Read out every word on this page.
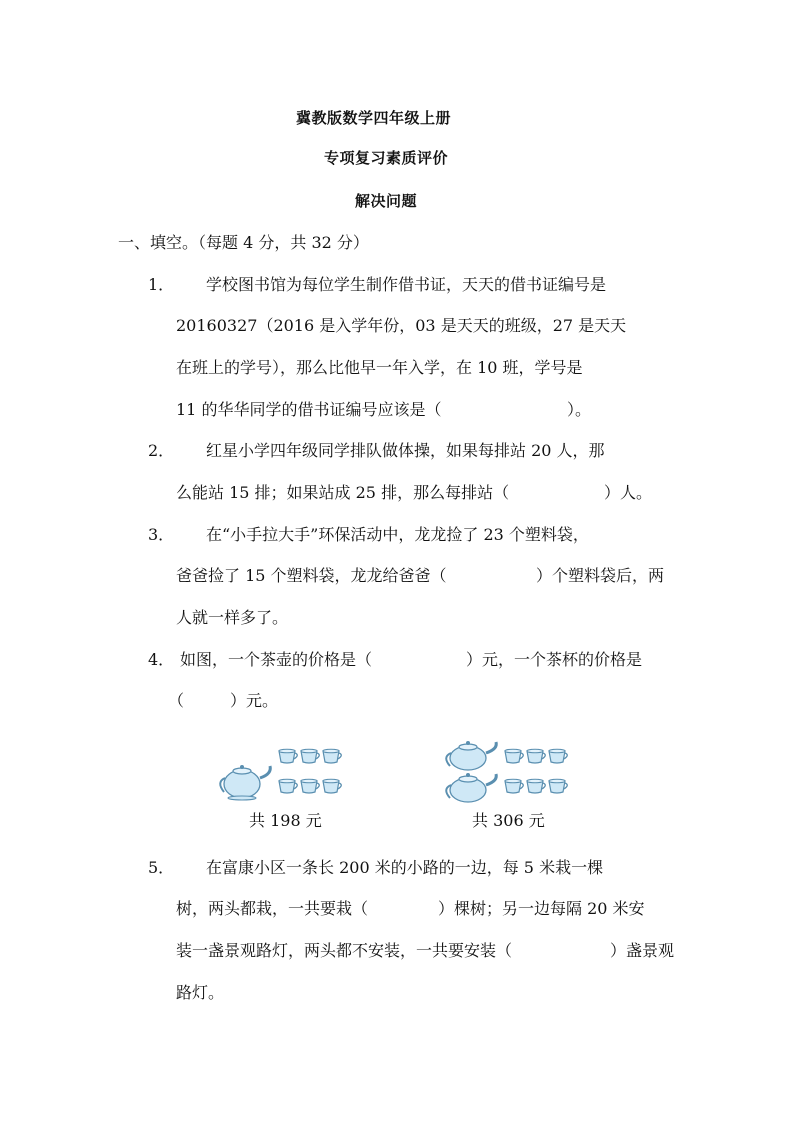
冀教版数学四年级上册
专项复习素质评价
解决问题
一、填空。（每题 4 分，共 32 分）
1． 学校图书馆为每位学生制作借书证，天天的借书证编号是
20160327（2016 是入学年份，03 是天天的班级，27 是天天
在班上的学号），那么比他早一年入学，在 10 班，学号是
11 的华华同学的借书证编号应该是（	）。
2． 红星小学四年级同学排队做体操，如果每排站 20 人，那
么能站 15 排；如果站成 25 排，那么每排站（	）人。
3． 在“小手拉大手”环保活动中，龙龙捡了 23 个塑料袋，
爸爸捡了 15 个塑料袋，龙龙给爸爸（	）个塑料袋后，两
人就一样多了。
4． 如图，一个茶壶的价格是（	）元，一个茶杯的价格是
（	）元。
共 198 元	共 306 元
5． 在富康小区一条长 200 米的小路的一边，每 5 米栽一棵
树，两头都栽，一共要栽（	）棵树；另一边每隔 20 米安
装一盏景观路灯，两头都不安装，一共要安装（	）盏景观
路灯。
